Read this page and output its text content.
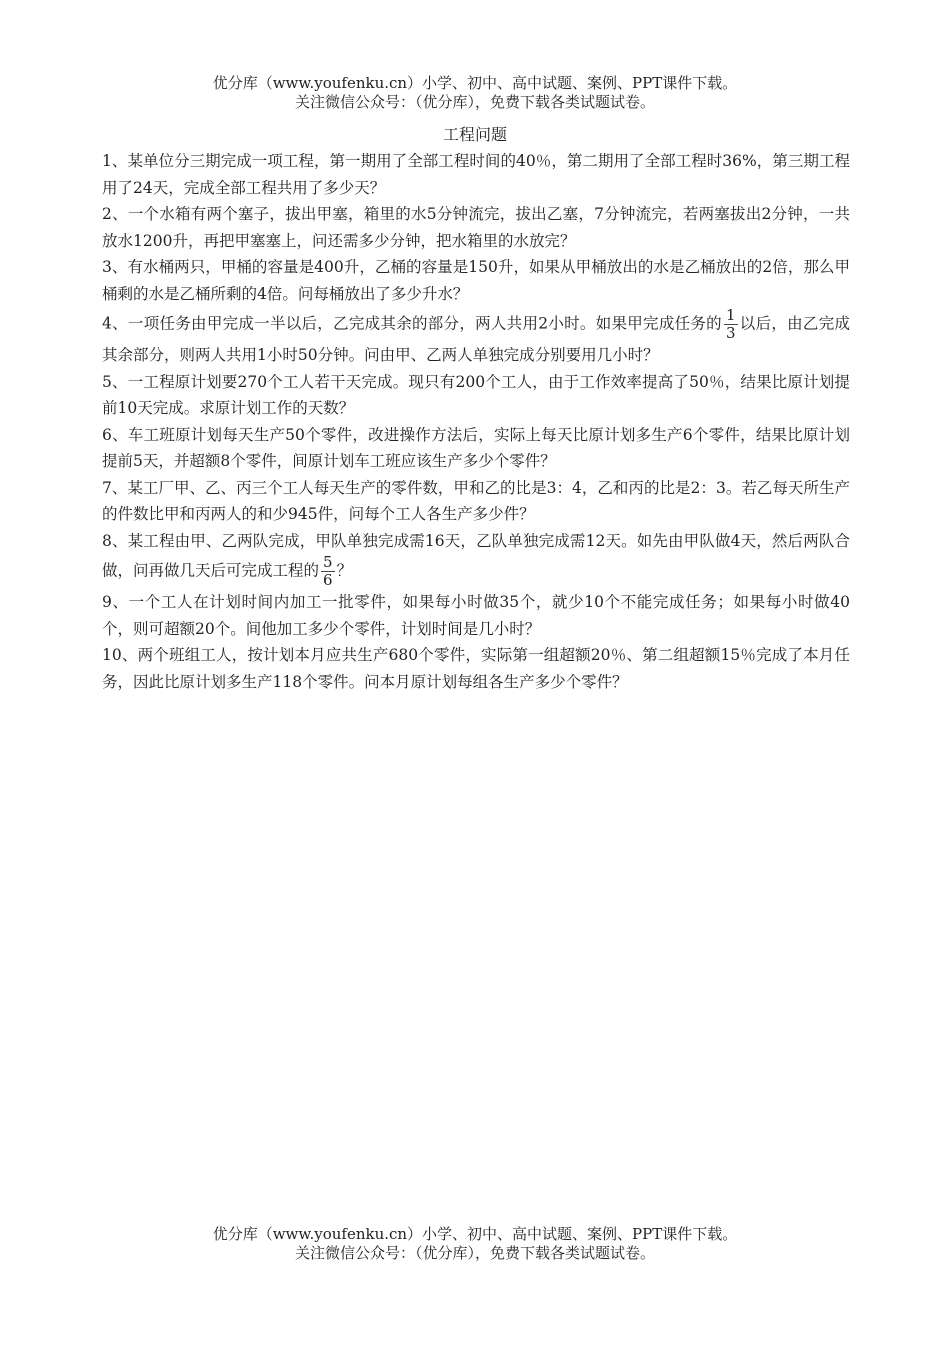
优分库（www.youfenku.cn）小学、初中、高中试题、案例、PPT课件下载。
关注微信公众号：（优分库），免费下载各类试题试卷。
工程问题

1、某单位分三期完成一项工程，第一期用了全部工程时间的40％，第二期用了全部工程时36%，第三期工程用了24天，完成全部工程共用了多少天？

2、一个水箱有两个塞子，拔出甲塞，箱里的水5分钟流完，拔出乙塞，7分钟流完，若两塞拔出2分钟，一共放水1200升，再把甲塞塞上，问还需多少分钟，把水箱里的水放完？

3、有水桶两只，甲桶的容量是400升，乙桶的容量是150升，如果从甲桶放出的水是乙桶放出的2倍，那么甲桶剩的水是乙桶所剩的4倍。问每桶放出了多少升水？

4、一项任务由甲完成一半以后，乙完成其余的部分，两人共用2小时。如果甲完成任务的 $\frac{1}{3}$ 以后，由乙完成其余部分，则两人共用1小时50分钟。问由甲、乙两人单独完成分别要用几小时？

5、一工程原计划要270个工人若干天完成。现只有200个工人，由于工作效率提高了50％，结果比原计划提前10天完成。求原计划工作的天数？

6、车工班原计划每天生产50个零件，改进操作方法后，实际上每天比原计划多生产6个零件，结果比原计划提前5天，并超额8个零件，间原计划车工班应该生产多少个零件？

7、某工厂甲、乙、丙三个工人每天生产的零件数，甲和乙的比是3：4，乙和丙的比是2：3。若乙每天所生产的件数比甲和丙两人的和少945件，问每个工人各生产多少件？

8、某工程由甲、乙两队完成，甲队单独完成需16天，乙队单独完成需12天。如先由甲队做4天，然后两队合做，问再做几天后可完成工程的 $\frac{5}{6}$ ？

9、一个工人在计划时间内加工一批零件，如果每小时做35个，就少10个不能完成任务；如果每小时做40个，则可超额20个。间他加工多少个零件，计划时间是几小时？

10、两个班组工人，按计划本月应共生产680个零件，实际第一组超额20％、第二组超额15％完成了本月任务，因此比原计划多生产118个零件。问本月原计划每组各生产多少个零件？

优分库（www.youfenku.cn）小学、初中、高中试题、案例、PPT课件下载。
关注微信公众号：（优分库），免费下载各类试题试卷。
